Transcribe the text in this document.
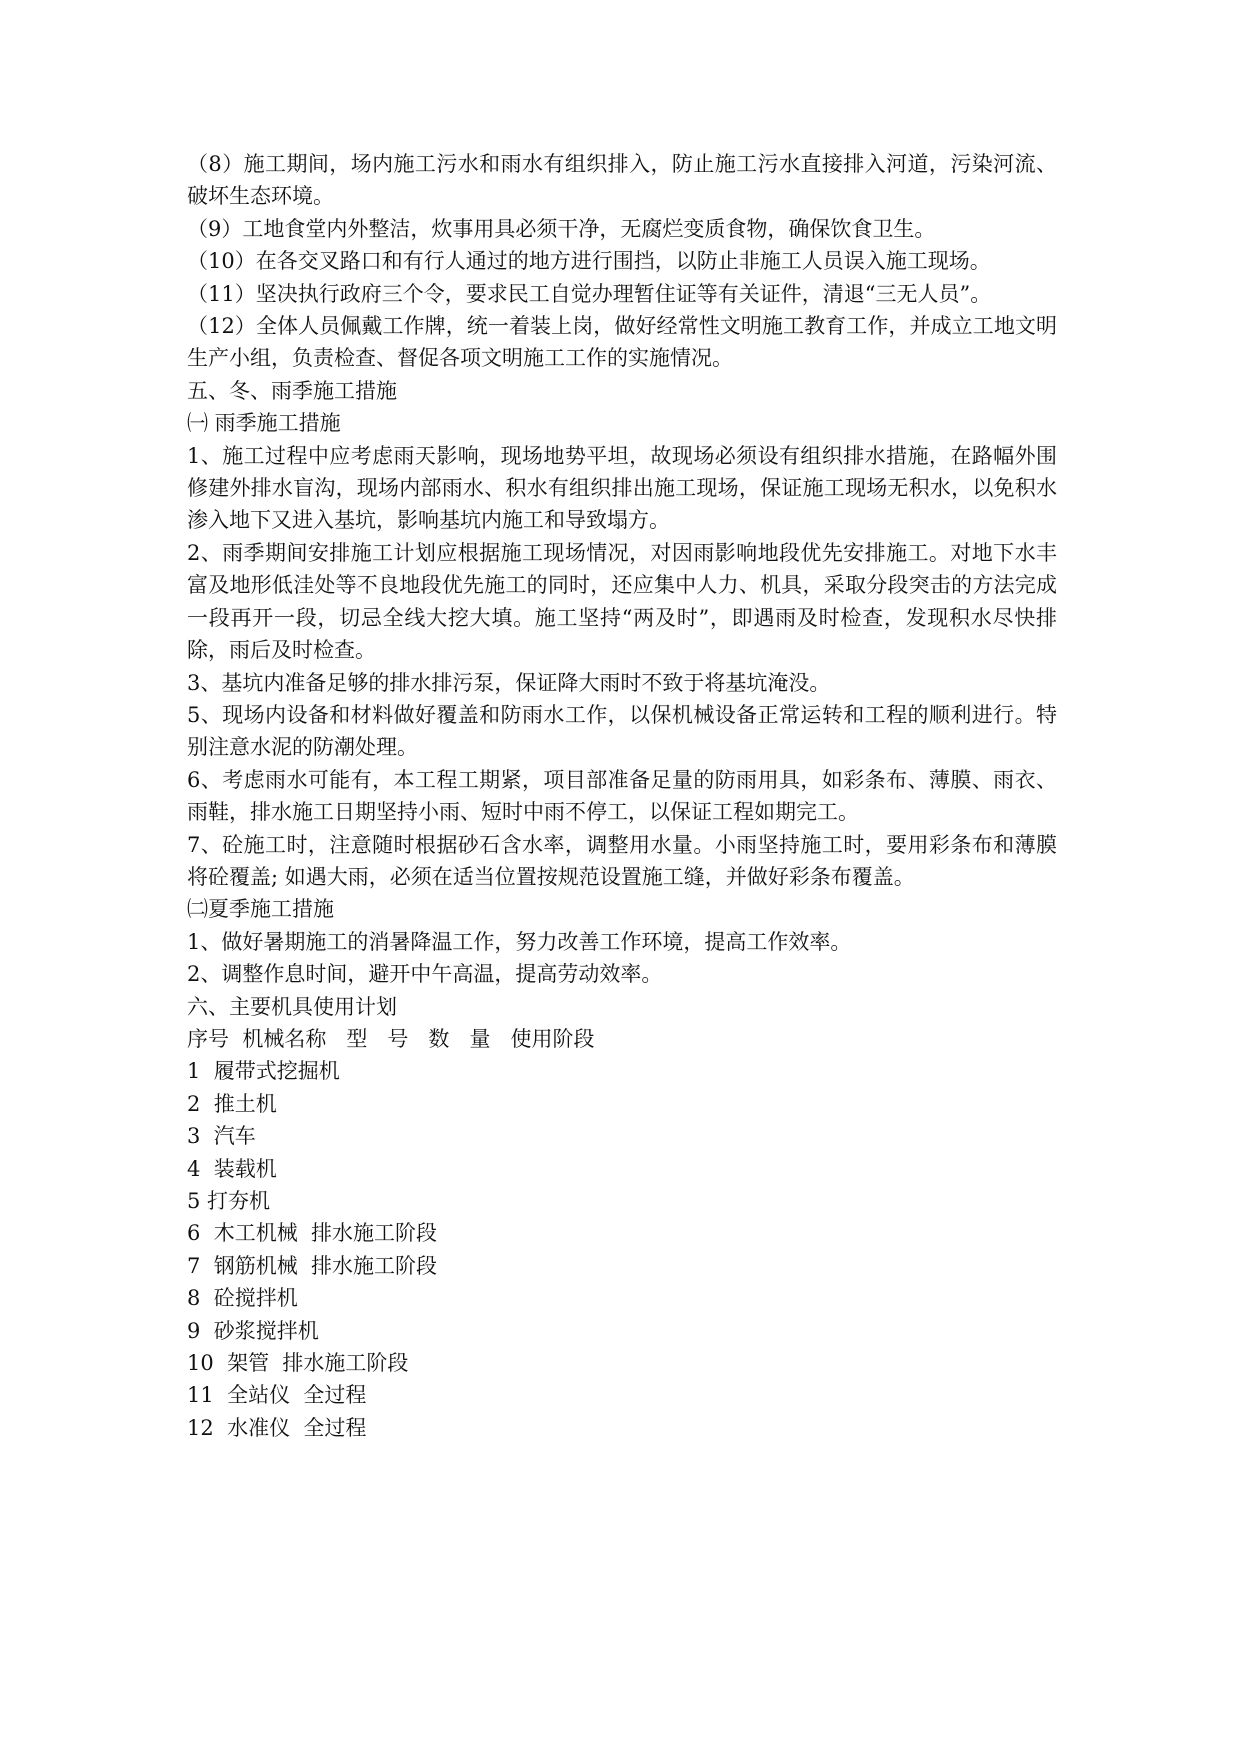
（8）施工期间，场内施工污水和雨水有组织排入，防止施工污水直接排入河道，污染河流、破坏生态环境。

（9）工地食堂内外整洁，炊事用具必须干净，无腐烂变质食物，确保饮食卫生。

（10）在各交叉路口和有行人通过的地方进行围挡，以防止非施工人员误入施工现场。

（11）坚决执行政府三个令，要求民工自觉办理暂住证等有关证件，清退“三无人员”。

（12）全体人员佩戴工作牌，统一着装上岗，做好经常性文明施工教育工作，并成立工地文明生产小组，负责检查、督促各项文明施工工作的实施情况。

五、冬、雨季施工措施

㈠ 雨季施工措施

1、施工过程中应考虑雨天影响，现场地势平坦，故现场必须设有组织排水措施，在路幅外围修建外排水盲沟，现场内部雨水、积水有组织排出施工现场，保证施工现场无积水，以免积水渗入地下又进入基坑，影响基坑内施工和导致塌方。

2、雨季期间安排施工计划应根据施工现场情况，对因雨影响地段优先安排施工。对地下水丰富及地形低洼处等不良地段优先施工的同时，还应集中人力、机具，采取分段突击的方法完成一段再开一段，切忌全线大挖大填。施工坚持“两及时”，即遇雨及时检查，发现积水尽快排除，雨后及时检查。

3、基坑内准备足够的排水排污泵，保证降大雨时不致于将基坑淹没。

5、现场内设备和材料做好覆盖和防雨水工作，以保机械设备正常运转和工程的顺利进行。特别注意水泥的防潮处理。

6、考虑雨水可能有，本工程工期紧，项目部准备足量的防雨用具，如彩条布、薄膜、雨衣、雨鞋，排水施工日期坚持小雨、短时中雨不停工，以保证工程如期完工。

7、砼施工时，注意随时根据砂石含水率，调整用水量。小雨坚持施工时，要用彩条布和薄膜将砼覆盖; 如遇大雨，必须在适当位置按规范设置施工缝，并做好彩条布覆盖。

㈡夏季施工措施

1、做好暑期施工的消暑降温工作，努力改善工作环境，提高工作效率。

2、调整作息时间，避开中午高温，提高劳动效率。

六、主要机具使用计划

序号  机械名称   型   号   数   量   使用阶段

1  履带式挖掘机

2  推土机

3  汽车

4  装载机

5 打夯机

6  木工机械  排水施工阶段

7  钢筋机械  排水施工阶段

8  砼搅拌机

9  砂浆搅拌机

10  架管  排水施工阶段

11  全站仪  全过程

12  水准仪  全过程
